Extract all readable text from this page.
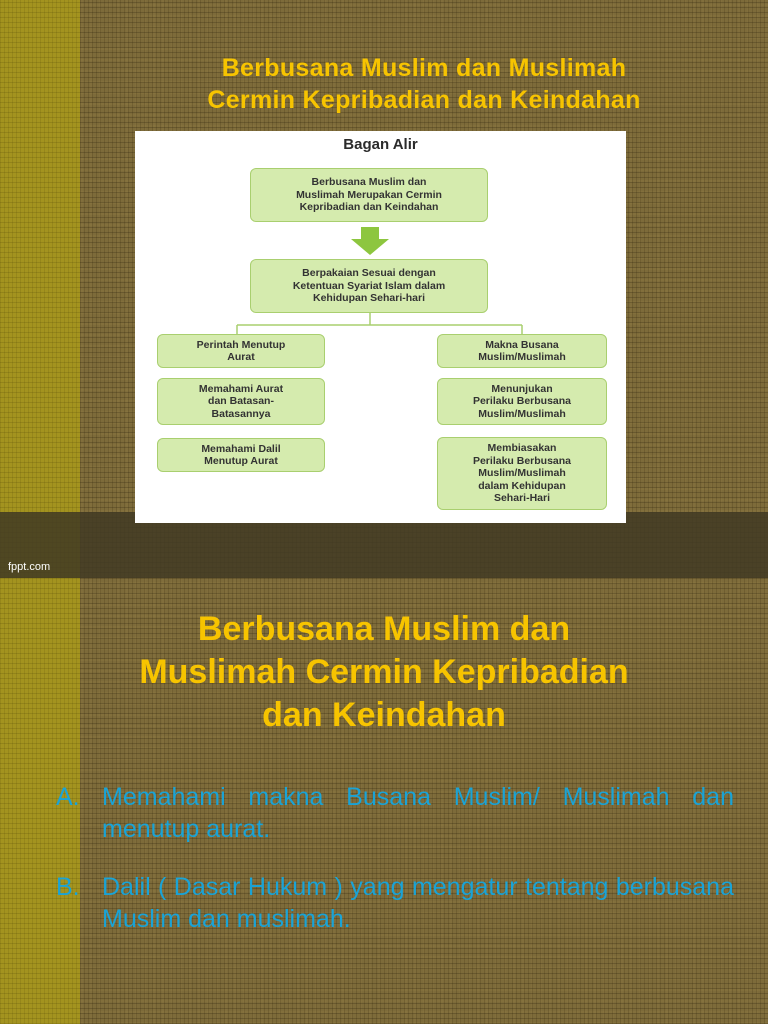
Berbusana Muslim dan Muslimah
Cermin Kepribadian dan Keindahan
Bagan Alir
Berbusana Muslim dan
Muslimah Merupakan Cermin
Kepribadian dan Keindahan
Berpakaian Sesuai dengan
Ketentuan Syariat Islam dalam
Kehidupan Sehari-hari
Perintah Menutup
Aurat
Memahami Aurat
dan Batasan-
Batasannya
Memahami Dalil
Menutup Aurat
Makna Busana
Muslim/Muslimah
Menunjukan
Perilaku Berbusana
Muslim/Muslimah
Membiasakan
Perilaku Berbusana
Muslim/Muslimah
dalam Kehidupan
Sehari-Hari
fppt.com
Berbusana Muslim dan
Muslimah Cermin Kepribadian
dan Keindahan
A. Memahami makna Busana Muslim/ Muslimah dan menutup aurat.
B. Dalil ( Dasar Hukum ) yang mengatur tentang berbusana Muslim dan muslimah.
